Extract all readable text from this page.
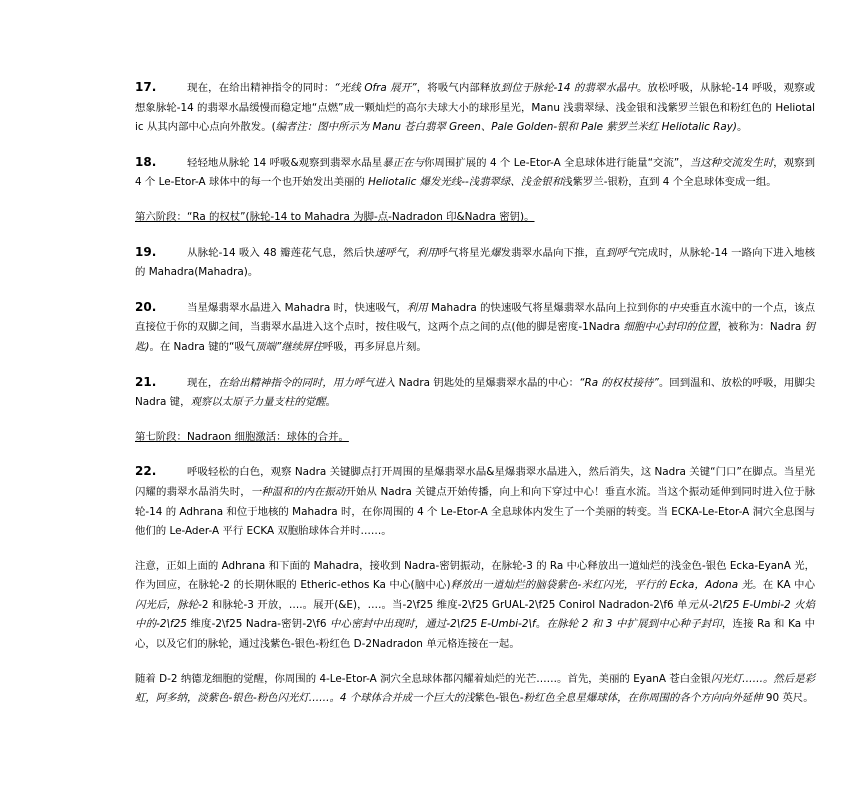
17.	现在，在给出精神指令的同时：“光线 Ofra 展开”，将吸气内部释放到位于脉轮-14 的翡翠水晶中。放松呼吸，从脉轮-14 呼吸，观察或想象脉轮-14 的翡翠水晶缓慢而稳定地“点燃”成一颗灿烂的高尔夫球大小的球形星光，Manu 浅翡翠绿、浅金银和浅紫罗兰银色和粉红色的 Heliotalic 从其内部中心点向外散发。(编者注：图中所示为 Manu 苍白翡翠 Green、Pale Golden-银和 Pale 紫罗兰米红 Heliotalic Ray)。

18.	轻轻地从脉轮 14 呼吸&观察到翡翠水晶星暴正在与你周围扩展的 4 个 Le-Etor-A 全息球体进行能量“交流”，当这种交流发生时，观察到 4 个 Le-Etor-A 球体中的每一个也开始发出美丽的 Heliotalic 爆发光线--浅翡翠绿、浅金银和浅紫罗兰-银粉，直到 4 个全息球体变成一组。

第六阶段：“Ra 的权杖”(脉轮-14 to Mahadra 为脚-点-Nadradon 印&Nadra 密钥)。

19.	从脉轮-14 吸入 48 瓣莲花气息，然后快速呼气，利用呼气将星光爆发翡翠水晶向下推，直到呼气完成时，从脉轮-14 一路向下进入地核的 Mahadra(Mahadra)。

20.	当星爆翡翠水晶进入 Mahadra 时，快速吸气，利用 Mahadra 的快速吸气将星爆翡翠水晶向上拉到你的中央垂直水流中的一个点，该点直接位于你的双脚之间，当翡翠水晶进入这个点时，按住吸气，这两个点之间的点(他的脚是密度-1Nadra 细胞中心封印的位置，被称为：Nadra 钥匙)。在 Nadra 键的“吸气顶端”继续屏住呼吸，再多屏息片刻。

21.	现在，在给出精神指令的同时，用力呼气进入 Nadra 钥匙处的星爆翡翠水晶的中心：“Ra 的权杖接待”。回到温和、放松的呼吸，用脚尖 Nadra 键，观察以太原子力量支柱的觉醒。

第七阶段：Nadraon 细胞激活：球体的合并。

22.	呼吸轻松的白色，观察 Nadra 关键脚点打开周围的星爆翡翠水晶&星爆翡翠水晶进入，然后消失，这 Nadra 关键“门口”在脚点。当星光闪耀的翡翠水晶消失时，一种温和的内在振动开始从 Nadra 关键点开始传播，向上和向下穿过中心！垂直水流。当这个振动延伸到同时进入位于脉轮-14 的 Adhrana 和位于地核的 Mahadra 时，在你周围的 4 个 Le-Etor-A 全息球体内发生了一个美丽的转变。当 ECKA-Le-Etor-A 洞穴全息图与他们的 Le-Ader-A 平行 ECKA 双胞胎球体合并时……。

注意，正如上面的 Adhrana 和下面的 Mahadra，接收到 Nadra-密钥振动，在脉轮-3 的 Ra 中心释放出一道灿烂的浅金色-银色 Ecka-EyanA 光，作为回应，在脉轮-2 的长期休眠的 Etheric-ethos Ka 中心(脑中心)释放出一道灿烂的脑袋紫色-米红闪光，平行的 Ecka，Adona 光。在 KA 中心闪光后，脉轮-2 和脉轮-3 开放，….。展开(&E)，….。当-2\f25 维度-2\f25 GrUAL-2\f25 Conirol Nadradon-2\f6 单元从-2\f25 E-Umbi-2 火焰中的-2\f25 维度-2\f25 Nadra-密钥-2\f6 中心密封中出现时，通过-2\f25 E-Umbi-2\f。在脉轮 2 和 3 中扩展到中心种子封印，连接 Ra 和 Ka 中心，以及它们的脉轮，通过浅紫色-银色-粉红色 D-2Nadradon 单元格连接在一起。

随着 D-2 纳德龙细胞的觉醒，你周围的 4-Le-Etor-A 洞穴全息球体都闪耀着灿烂的光芒……。首先，美丽的 EyanA 苍白金银闪光灯……。然后是彩虹，阿多纳，淡紫色-银色-粉色闪光灯……。4 个球体合并成一个巨大的浅紫色-银色-粉红色全息星爆球体，在你周围的各个方向向外延伸 90 英尺。
